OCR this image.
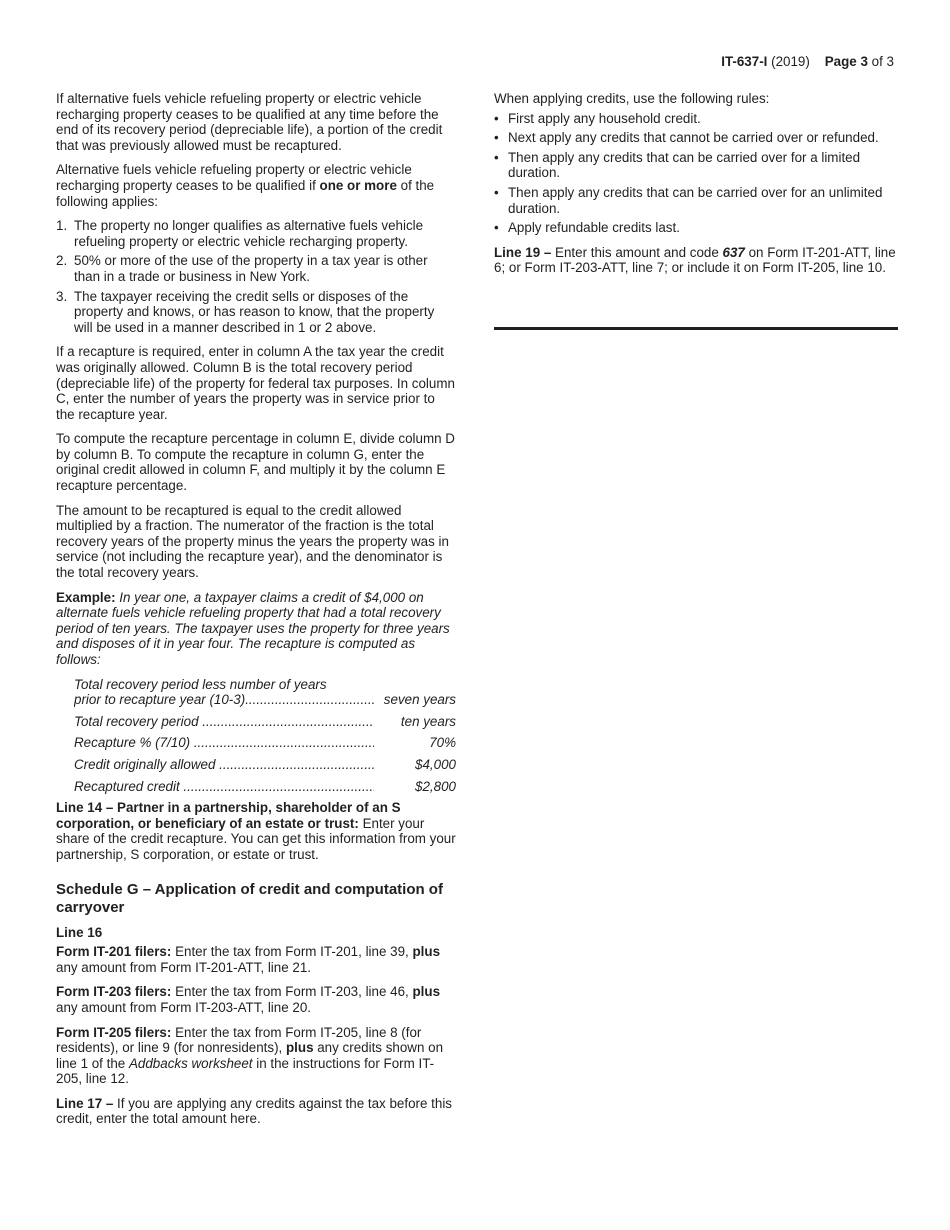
IT-637-I (2019) Page 3 of 3

If alternative fuels vehicle refueling property or electric vehicle recharging property ceases to be qualified at any time before the end of its recovery period (depreciable life), a portion of the credit that was previously allowed must be recaptured.

Alternative fuels vehicle refueling property or electric vehicle recharging property ceases to be qualified if one or more of the following applies:

1. The property no longer qualifies as alternative fuels vehicle refueling property or electric vehicle recharging property.
2. 50% or more of the use of the property in a tax year is other than in a trade or business in New York.
3. The taxpayer receiving the credit sells or disposes of the property and knows, or has reason to know, that the property will be used in a manner described in 1 or 2 above.

If a recapture is required, enter in column A the tax year the credit was originally allowed. Column B is the total recovery period (depreciable life) of the property for federal tax purposes. In column C, enter the number of years the property was in service prior to the recapture year.

To compute the recapture percentage in column E, divide column D by column B. To compute the recapture in column G, enter the original credit allowed in column F, and multiply it by the column E recapture percentage.

The amount to be recaptured is equal to the credit allowed multiplied by a fraction. The numerator of the fraction is the total recovery years of the property minus the years the property was in service (not including the recapture year), and the denominator is the total recovery years.

Example: In year one, a taxpayer claims a credit of $4,000 on alternate fuels vehicle refueling property that had a total recovery period of ten years. The taxpayer uses the property for three years and disposes of it in year four. The recapture is computed as follows:

Total recovery period less number of years
prior to recapture year (10-3) .....	seven years
Total recovery period .....	ten years
Recapture % (7/10) .....	70%
Credit originally allowed .....	$4,000
Recaptured credit .....	$2,800

Line 14 – Partner in a partnership, shareholder of an S corporation, or beneficiary of an estate or trust: Enter your share of the credit recapture. You can get this information from your partnership, S corporation, or estate or trust.

Schedule G – Application of credit and computation of carryover
Line 16

Form IT-201 filers: Enter the tax from Form IT-201, line 39, plus any amount from Form IT-201-ATT, line 21.

Form IT-203 filers: Enter the tax from Form IT-203, line 46, plus any amount from Form IT-203-ATT, line 20.

Form IT-205 filers: Enter the tax from Form IT-205, line 8 (for residents), or line 9 (for nonresidents), plus any credits shown on line 1 of the Addbacks worksheet in the instructions for Form IT-205, line 12.

Line 17 – If you are applying any credits against the tax before this credit, enter the total amount here.

When applying credits, use the following rules:

• First apply any household credit.
• Next apply any credits that cannot be carried over or refunded.
• Then apply any credits that can be carried over for a limited duration.
• Then apply any credits that can be carried over for an unlimited duration.
• Apply refundable credits last.

Line 19 – Enter this amount and code 637 on Form IT-201-ATT, line 6; or Form IT-203-ATT, line 7; or include it on Form IT-205, line 10.
